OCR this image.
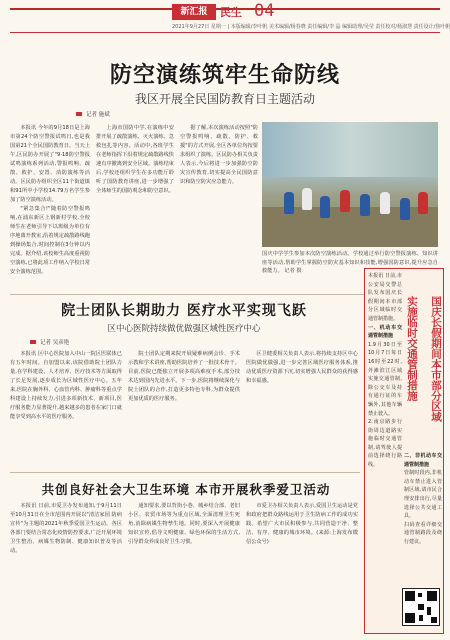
新汇报	民生 04
2021年9月27日 星期一 | 本版编辑/李叶帆 美术编辑/杨春晓 责任编辑/李 晶 编辑助理/吴莹 责任校对/杨淑慧 责任设计/焦叶帆
防空演练筑牢生命防线
我区开展全民国防教育日主题活动
记者 施斌

本报讯 今年的9月18日是上海市第24个防空警报试鸣日,也是我国第21个全民国防教育日。当天上午,区民防办开展了"9·18防空警报试鸣演练系列活动,警报鸣响、疏散、救护、安置、消防演练等活动。区民防办组织全区11个街道镇和91所中小学校14.79万名学生参加了防空演练活动。

"紧急集合!"随着防空警报鸣响,在浦东新区上钢新村学校,全校师生在老师引导下以班级为单位有序地离开教室,沿着规定疏散路线跑到操场集合,时间控制在3分钟以内完成。据介绍,该校师生高度重视防空演练,已将此项工作纳入学校日常安全演练范围。

上海市国防中学,在演练中安排开展了疏散演练、灭火演练、急救包扎等内容。活动中,各班学生在老师指挥下沿着规定疏散路线快速有序撤离到安全区域。演练结束后,学校还组织学生在多功能厅聆听了国防教育讲座,进一步增强了全体师生的国防观念和防空意识。

据了解,本次演练活动按照"防空警报鸣响、疏散、防护、救援"的方式开展,全区各单位均按要求组织了演练。区民防办相关负责人表示,今后将进一步加强防空防灾宣传教育,切实提高全民国防意识和防空防灾应急能力。

国庆中学学生参加本次防空演练活动。学校通过举行防空警报演练、知识讲座等活动,帮助学生掌握防空防灾基本知识和技能,增强国防意识,提升应急自救能力。 记者 摄
院士团队长期助力 医疗水平实现飞跃
区中心医院持续做优做强区域性医疗中心
记者 吴彦艳

本报讯 区中心医院加入中山一院区医联体已有五年时间。自加盟以来,该院借助院士团队力量,在学科建设、人才培养、医疗技术等方面取得了长足发展,逐步成长为区域性医疗中心。五年来,医院在胸外科、心血管内科、肿瘤科等重点学科建设上持续发力,引进多项新技术、新项目,医疗服务能力显著提升,越来越多的患者在家门口就能享受到高水平的医疗服务。

院士团队定期来院开展疑难病例会诊、手术示教和学术讲座,帮助医院培养了一批技术骨干。目前,医院已能独立开展多项高难度手术,部分技术达到国内先进水平。下一步,医院将继续深化与院士团队的合作,打造更多特色专科,为群众提供更加优质的医疗服务。

区卫健委相关负责人表示,将持续支持区中心医院做优做强,进一步完善区域医疗服务体系,推动优质医疗资源下沉,切实增强人民群众的获得感和幸福感。

共创良好社会大卫生环境 本市开展秋季爱卫活动

本报讯 日前,市爱卫办发布通知,于9月11日至10月31日在全市范围内开展以"清洁家园 防病宣传"为主题的2021年秋季爱国卫生运动。各区各部门要结合常态化疫情防控要求,广泛开展环境卫生整治、病媒生物防制、健康知识普及等活动。

通知要求,要以背街小巷、城乡结合部、老旧小区、农贸市场等为重点区域,全面清理卫生死角,消除病媒生物孳生地。同时,要深入开展健康知识宣传,倡导文明健康、绿色环保的生活方式,引导群众养成良好卫生习惯。

市爱卫办相关负责人表示,爱国卫生运动是党和政府把群众路线运用于卫生防病工作的成功实践。希望广大市民积极参与,共同营造干净、整洁、有序、健康的城市环境。(来源:上海发布微信公众号)

本报讯 日前,市公安局交警总队发布国庆长假期间本市部分区域临时交通管制措施。
一、机动车交通管制措施
1.9月30日至10月7日每日16时至22时,外滩滨江区域实施交通管制,除公交车及持有通行证的车辆外,其他车辆禁止驶入。
2.南京路步行街周边道路实施临时交通管制,请驾驶人提前选择绕行路线。
国庆长假期间本市部分区域
实施临时交通管制措施
二、非机动车交通管制措施
管制时段内,非机动车禁止进入管制区域,请市民合理安排出行,尽量选择公共交通工具。
扫码查看详细交通管制路段及绕行建议。
